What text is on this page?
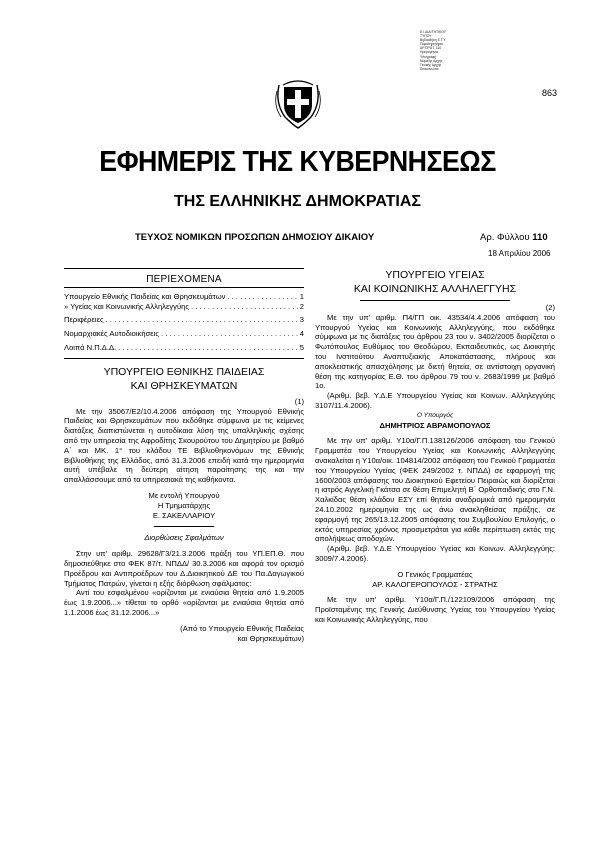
863
Ε.Ι.ΔΙΑΙΤΗΤΙΚΟΥ
ΤΥΠΟΥ
Βιβλιοθήκη Ε.Τ.Υ
Παρατηρητήριο
ΑΡ.ΠΡΩΤ. 110
Ημερομηνία
Υπογραφή
Νομικής Αρχής
Γενικής Αρχής
Επικοινωνία
ΕΦΗΜΕΡΙΣ ΤΗΣ ΚΥΒΕΡΝΗΣΕΩΣ
ΤΗΣ ΕΛΛΗΝΙΚΗΣ ΔΗΜΟΚΡΑΤΙΑΣ
ΤΕΥΧΟΣ ΝΟΜΙΚΩΝ ΠΡΟΣΩΠΩΝ ΔΗΜΟΣΙΟΥ ΔΙΚΑΙΟΥ	Αρ. Φύλλου 110
18 Απριλίου 2006
ΠΕΡΙΕΧΟΜΕΝΑ
Υπουργείο Εθνικής Παιδείας και Θρησκευμάτων . . .	1
» Υγείας και Κοινωνικής Αλληλεγγύης . . .	2
Περιφέρειες . . .	3
Νομαρχιακές Αυτοδιοικήσεις . . .	4
Λοιπά Ν.Π.Δ.Δ. . . .	5
ΥΠΟΥΡΓΕΙΟ ΕΘΝΙΚΗΣ ΠΑΙΔΕΙΑΣ
ΚΑΙ ΘΡΗΣΚΕΥΜΑΤΩΝ
(1)

Με την 35067/Ε2/10.4.2006 απόφαση της Υπουργού Εθνικής Παιδείας και Θρησκευμάτων που εκδόθηκε σύμφωνα με τις κείμενες διατάξεις διαπιστώνεται η αυτοδίκαια λύση της υπαλληλικής σχέσης από την υπηρεσία της Αφροδίτης Σκουρούτου του Δημητρίου με βαθμό Α΄ και ΜΚ. 1° του κλάδου ΤΕ Βιβλιοθηκονόμων της Εθνικής Βιβλιοθήκης της Ελλάδος, από 31.3.2006 επειδή κατά την ημερομηνία αυτή υπέβαλε τη δεύτερη αίτηση παραίτησης της και την απαλλάσσουμε από τα υπηρεσιακά της καθήκοντα.

Με εντολή Υπουργού
Η Τμηματάρχης
Ε. ΣΑΚΕΛΛΑΡΙΟΥ
Διορθώσεις Σφαλμάτων

Στην υπ' αριθμ. 29628/Γ3/21.3.2006 πράξη του ΥΠ.ΕΠ.Θ. που δημοσιεύθηκε στο ΦΕΚ 87/τ. ΝΠΔΔ/ 30.3.2006 και αφορά τον ορισμό Προέδρου και Αντιπροέδρων του Δ.Διοικητικού ΔΕ του Πα.Δαγωγικού Τμήματος Πατρών, γίνεται η εξής διόρθωση σφάλματος:

Αντί του εσφαλμένου «ορίζονται με ενιαύσια θητεία από 1.9.2005 έως 1.9.2006...» τίθεται το ορθό «ορίζονται με ενιαύσια θητεία από 1.1.2006 έως 31.12.2006...»

(Από το Υπουργείο Εθνικής Παιδείας
και Θρησκευμάτων)
ΥΠΟΥΡΓΕΙΟ ΥΓΕΙΑΣ
ΚΑΙ ΚΟΙΝΩΝΙΚΗΣ ΑΛΛΗΛΕΓΓΥΗΣ
(2)

Με την υπ' αριθμ. Π4/ΓΠ οικ. 43534/4.4.2006 απόφαση του Υπουργού Υγείας και Κοινωνικής Αλληλεγγύης, που εκδόθηκε σύμφωνα με τις διατάξεις του άρθρου 23 του ν. 3402/2005 διορίζεται ο Φωτόπουλος Ευθύμιος του Θεοδώρου, Εκπαιδευτικός, ως Διοικητής του Ινστιτούτου Αναπτυξιακής Αποκατάστασης, πλήρους και αποκλειστικής απασχόλησης με διετή θητεία, σε αντίστοιχη οργανική θέση της κατηγορίας Ε.Θ. του άρθρου 79 του ν. 2683/1999 με βαθμό 1ο.

(Αριθμ. βεβ. Υ.Δ.Ε Υπουργείου Υγείας και Κοινων. Αλληλεγγύης 3107/11.4.2006).

Ο Υπουργός
ΔΗΜΗΤΡΙΟΣ ΑΒΡΑΜΟΠΟΥΛΟΣ

Με την υπ' αριθμ. Υ10α/Γ.Π.138126/2006 απόφαση του Γενικού Γραμματέα του Υπουργείου Υγείας και Κοινωνικής Αλληλεγγύης ανακαλείται η Υ10α/οικ. 104814/2002 απόφαση του Γενικού Γραμματέα του Υπουργείου Υγείας (ΦΕΚ 249/2002 τ. ΝΠΔΔ) σε εφαρμογή της 1600/2003 απόφασης του Διοικητικού Εφετείου Πειραιώς και διορίζεται η ιατρός Αγγελική Γκάτσα σε θέση Επιμελητή Β΄ Ορθοπαιδικής στο Γ.Ν. Χαλκίδας θέση κλάδου ΕΣΥ επί θητεία αναδρομικά από ημερομηνία 24.10.2002 ημερομηνία της ως άνω ανακληθείσας πράξης, σε εφαρμογή της 265/13.12.2005 απόφασης του Συμβουλίου Επιλογής, ο εκτός υπηρεσίας χρόνος προσμετράται για κάθε περίπτωση εκτός της απολήψεως αποδοχών.

(Αριθμ. βεβ. Υ.Δ.Ε Υπουργείου Υγείας και Κοινων. Αλληλεγγύης: 3009/7.4.2006).

Ο Γενικός Γραμματέας
ΑΡ. ΚΑΛΟΓΕΡΟΠΟΥΛΟΣ - ΣΤΡΑΤΗΣ

Με την υπ' αριθμ. Υ10α/Γ.Π./122109/2006 απόφαση της Προϊσταμένης της Γενικής Διεύθυνσης Υγείας του Υπουργείου Υγείας και Κοινωνικής Αλληλεγγύης, που
